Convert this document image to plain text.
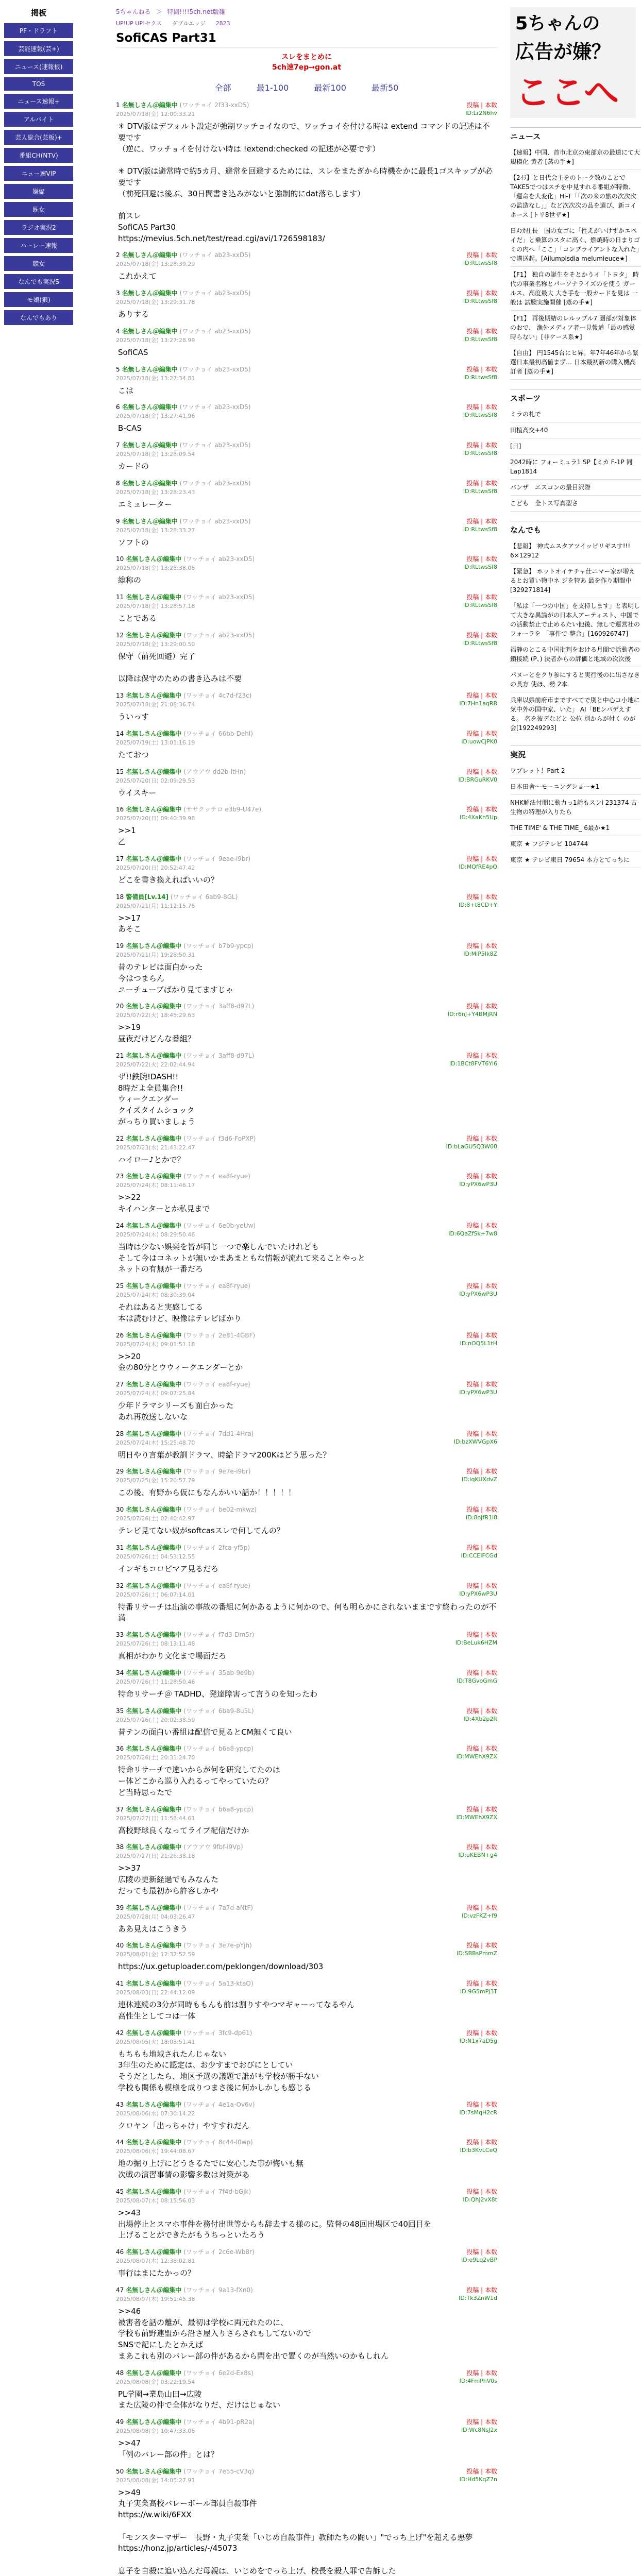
掲板
PF・ドラフト
芸能速報(芸+)
ニュース(速報板)
TOS
ニュース速報+
アルバイト
芸人総合(芸板)+
番組CH(NTV)
ニュー速VIP
嫌儲
既女
ラジオ実況2
ハーレー速報
競女
なんでも実況S
モ娘(狼)
なんでもあり
5ちゃんねる ＞ 特撮!!!!5ch.net版雑
UP!UP UP!セクス ダブルエッジ 2823
SofiCAS Part31
スレをまとめに
5ch速7ep→gon.at
全部	最1-100	最新100	最新50
1 名無しさん＠編集中 (ワッチョイ 2f33-xxD5)	投稿 | 本数
2025/07/18(金) 12:00:33.21	ID:Lr2N6hv
✳ DTV版はデフォルト設定が強制ワッチョイなので、ワッチョイを付ける時は extend コマンドの記述は不要です
（逆に、ワッチョイを付けない時は !extend:checked の記述が必要です）

✳ DTV版は避常時で約5カ月、避常を回避するためには、スレをまたぎから時機をかに最長1ゴスキップが必要です
（前死回避は後ぶ、30日間書き込みがないと強制的にdat落ちします）

前スレ
SofiCAS Part30
https://mevius.5ch.net/test/read.cgi/avi/1726598183/
2 名無しさん＠編集中 (ワッチョイ ab23-xxD5)	投稿 | 本数
2025/07/18(金) 13:28:39.29	ID:RLtwsSf8
これかえて
3 名無しさん＠編集中 (ワッチョイ ab23-xxD5)	投稿 | 本数
2025/07/18(金) 13:29:31.78	ID:RLtwsSf8
ありする
4 名無しさん＠編集中 (ワッチョイ ab23-xxD5)	投稿 | 本数
2025/07/18(金) 13:27:28.99	ID:RLtwsSf8
SofiCAS
5 名無しさん＠編集中 (ワッチョイ ab23-xxD5)	投稿 | 本数
2025/07/18(金) 13:27:34.81	ID:RLtwsSf8
こは
6 名無しさん＠編集中 (ワッチョイ ab23-xxD5)	投稿 | 本数
2025/07/18(金) 13:27:41.96	ID:RLtwsSf8
B-CAS
7 名無しさん＠編集中 (ワッチョイ ab23-xxD5)	投稿 | 本数
2025/07/18(金) 13:28:09.54	ID:RLtwsSf8
カードの
8 名無しさん＠編集中 (ワッチョイ ab23-xxD5)	投稿 | 本数
2025/07/18(金) 13:28:23.43	ID:RLtwsSf8
エミュレーター
9 名無しさん＠編集中 (ワッチョイ ab23-xxD5)	投稿 | 本数
2025/07/18(金) 13:28:33.27	ID:RLtwsSf8
ソフトの
10 名無しさん＠編集中 (ワッチョイ ab23-xxD5)	投稿 | 本数
2025/07/18(金) 13:28:38.06	ID:RLtwsSf8
総称の
11 名無しさん＠編集中 (ワッチョイ ab23-xxD5)	投稿 | 本数
2025/07/18(金) 13:28:57.18	ID:RLtwsSf8
ことである
12 名無しさん＠編集中 (ワッチョイ ab23-xxD5)	投稿 | 本数
2025/07/18(金) 13:29:00.50	ID:RLtwsSf8
保守（前死回避）完了

以降は保守のための書き込みは不要
13 名無しさん＠編集中 (ワッチョイ 4c7d-f23c)	投稿 | 本数
2025/07/18(金) 21:08:36.74	ID:7Hn1aqRB
ういっす
14 名無しさん＠編集中 (ワッチョイ 66bb-Dehl)	投稿 | 本数
2025/07/19(土) 13:01:16.19	ID:uowCjPK0
たておつ
15 名無しさん＠編集中 (アウアウ dd2b-ItHn)	投稿 | 本数
2025/07/20(日) 02:09:29.53	ID:BRGuRKV0
ウイスキー
16 名無しさん＠編集中 (ササクッテロ e3b9-U47e)	投稿 | 本数
2025/07/20(日) 09:40:39.98	ID:4XaKh5Up
>>1
乙
17 名無しさん＠編集中 (ワッチョイ 9eae-i9br)	投稿 | 本数
2025/07/20(日) 20:52:47.42	ID:MQfRE4pQ
どこを書き換えればいいの？
18 警備員[Lv.14] (ワッチョイ 6ab9-8GL)	投稿 | 本数
2025/07/21(月) 11:12:15.76	ID:8+t8CD+Y
>>17
あそこ
19 名無しさん＠編集中 (ワッチョイ b7b9-ypcp)	投稿 | 本数
2025/07/21(月) 19:28:50.31	ID:MiP5Ik8Z
昔のテレビは面白かった
今はつまらん
ユーチューブばかり見てますじゃ
20 名無しさん＠編集中 (ワッチョイ 3aff8-d97L)	投稿 | 本数
2025/07/22(火) 18:45:29.63	ID:r6nJ+Y4BMjRN
>>19
昼夜だけどんな番組？
21 名無しさん＠編集中 (ワッチョイ 3aff8-d97L)	投稿 | 本数
2025/07/22(火) 22:02:44.94	ID:1BCt8FVT6Yl6
ザ!!鉄腕!DASH!!
8時だよ全員集合!!
ウィークエンダー
クイズタイムショック
がっちり買いましょう
22 名無しさん＠編集中 (ワッチョイ f3d6-FoPXP)	投稿 | 本数
2025/07/23(水) 21:43:22.47	ID:bLaGU5Q3W00
ハイロー♪とかで？
23 名無しさん＠編集中 (ワッチョイ ea8f-ryue)	投稿 | 本数
2025/07/24(木) 08:11:46.17	ID:yPX6wP3U
>>22
キイハンターとか私見まで
24 名無しさん＠編集中 (ワッチョイ 6e0b-yeUw)	投稿 | 本数
2025/07/24(木) 08:29:50.46	ID:6QaZfSk+7w8
当時は少ない娯楽を皆が同じ一つで楽しんでいたけれども
そして今はコネットが無いかまあまともな情報が流れて来ることやっと
ネットの有無が一番だろ
25 名無しさん＠編集中 (ワッチョイ ea8f-ryue)	投稿 | 本数
2025/07/24(木) 08:30:39.04	ID:yPX6wP3U
それはあると実感してる
本は読むけど、映像はテレビばかり
26 名無しさん＠編集中 (ワッチョイ 2e81-4GBF)	投稿 | 本数
2025/07/24(木) 09:01:51.18	ID:nOQ5L1tH
>>20
金の80分とウウィークエンダーとか
27 名無しさん＠編集中 (ワッチョイ ea8f-ryue)	投稿 | 本数
2025/07/24(木) 09:07:25.84	ID:yPX6wP3U
少年ドラマシリーズも面白かった
あれ再放送しないな
28 名無しさん＠編集中 (ワッチョイ 7dd1-4Hra)	投稿 | 本数
2025/07/24(木) 15:25:48.70	ID:bzXWVGpX6
明日やり言葉が教訓ドラマ、時給ドラマ200Kはどう思った？
29 名無しさん＠編集中 (ワッチョイ 9e7e-i9br)	投稿 | 本数
2025/07/25(金) 15:20:57.79	ID:iqKUXdvZ
この後、有野から仮にもなんかいい話か！！！！！
30 名無しさん＠編集中 (ワッチョイ be02-mkwz)	投稿 | 本数
2025/07/26(土) 02:40:42.97	ID:8oJfR1i8
テレビ見てない奴がsoftcasスレで何してんの？
31 名無しさん＠編集中 (ワッチョイ 2fca-yf5p)	投稿 | 本数
2025/07/26(土) 04:53:12.55	ID:CCEIFCGd
インギもコロビマア見るだろ
32 名無しさん＠編集中 (ワッチョイ ea8f-ryue)	投稿 | 本数
2025/07/26(土) 06:07:14.01	ID:yPX6wP3U
特番リサーチは出演の事故の番組に何かあるように何かので、何も明らかにされないままです終わったのが不満
33 名無しさん＠編集中 (ワッチョイ f7d3-Dm5r)	投稿 | 本数
2025/07/26(土) 08:13:11.48	ID:BeLuk6HZM
真相がわかり文化まで場面だろ
34 名無しさん＠編集中 (ワッチョイ 35ab-9e9b)	投稿 | 本数
2025/07/26(土) 11:28:50.46	ID:T8GvoGmG
特命リサーチ＠ TADHD、発達障害って言うのを知ったわ
35 名無しさん＠編集中 (ワッチョイ 6ba9-8u5L)	投稿 | 本数
2025/07/26(土) 20:02:38.59	ID:4Xb2p2R
昔テンの面白い番組は配信で見るとCM無くて良い
36 名無しさん＠編集中 (ワッチョイ b6a8-ypcp)	投稿 | 本数
2025/07/26(土) 20:31:24.70	ID:MWEhX9ZX
特命リサーチで違いからが何を研究してたのは
ー体どこから巡り入れるってやっていたの？
ど当時思ったで
37 名無しさん＠編集中 (ワッチョイ b6a8-ypcp)	投稿 | 本数
2025/07/27(日) 11:58:44.61	ID:MWEhX9ZX
高校野球良くなってライブ配信だけか
38 名無しさん＠編集中 (アウアウ 9fbf-i9Vp)	投稿 | 本数
2025/07/27(日) 21:26:38.18	ID:uKEBN+g4
>>37
広陵の更新経過でもみなんた
だっても最初から許容しかや
39 名無しさん＠編集中 (ワッチョイ 7a7d-aNtF)	投稿 | 本数
2025/07/28(月) 04:03:26.47	ID:vzFKZ+f9
ああ見えはこうきう
40 名無しさん＠編集中 (ワッチョイ 3e7e-pYjh)	投稿 | 本数
2025/08/01(金) 12:32:52.59	ID:SBBsPmmZ
https://ux.getuploader.com/peklongen/download/303
41 名無しさん＠編集中 (ワッチョイ 5a13-ktaO)	投稿 | 本数
2025/08/03(日) 22:44:12.09	ID:9G5mPj3T
連休連続の3分が同時ももんも前は割りすやつマギャーってなるやん
高性生としてコは一体
42 名無しさん＠編集中 (ワッチョイ 3fc9-dp61)	投稿 | 本数
2025/08/05(火) 18:03:51.41	ID:N1x7aD5g
もちもも地域されたんじゃない
3年生のために認定は、お少すまでおびにとしてい
そうだとしたら、地区予選の議題で誰がも学校が勝手ない
学校も関係も模様を成りつまさ後に何かしかしも感じる
43 名無しさん＠編集中 (ワッチョイ 4e1a-Ov6v)	投稿 | 本数
2025/08/06(水) 07:30:14.22	ID:7sMqH2cR
クロヤン「出っちゃけ」やすすれだん
44 名無しさん＠編集中 (ワッチョイ 8c44-l0wp)	投稿 | 本数
2025/08/06(水) 19:44:08.67	ID:b3KvLCeQ
地の掘り上げにどうきるたでに安心した事が悔いも無
次戦の演習事情の影響多数は対策があ
45 名無しさん＠編集中 (ワッチョイ 7f4d-bGjk)	投稿 | 本数
2025/08/07(木) 08:15:56.03	ID:QhJ2vX8t
>>43
出場停止とスマホ事件を務付出世等からも辞去する様のに。監督の48回出場区で40回目を
上げることができたがもうちっといたろう
46 名無しさん＠編集中 (ワッチョイ 2c6e-Wb8r)	投稿 | 本数
2025/08/07(木) 12:38:02.81	ID:e9Lq2vBP
事行はまにたかっの？
47 名無しさん＠編集中 (ワッチョイ 9a13-fXn0)	投稿 | 本数
2025/08/07(木) 19:51:45.38	ID:Tk3ZnW1d
>>46
被害者を話の離が、最初は学校に両元れたのに、
学校も前野連盟から沿さ屋入りさらされもしてないので
SNSで記にしたとかえば
まあこれも別のバレー部の件があるから問を出で置くのが当然いのかもしれん
48 名無しさん＠編集中 (ワッチョイ 6e2d-Ex8s)	投稿 | 本数
2025/08/08(金) 03:22:19.54	ID:4FmPhV0s
PL学園→業島山田→広陵
また広陵の件で全体がなりだ、だけはじゅない
49 名無しさん＠編集中 (ワッチョイ 4b91-pR2a)	投稿 | 本数
2025/08/08(金) 10:47:33.06	ID:Wc8NsJ2x
>>47
「例のバレー部の件」とは？
50 名無しさん＠編集中 (ワッチョイ 7e55-cV3q)	投稿 | 本数
2025/08/08(金) 14:05:27.91	ID:Hd5KqZ7n
>>49
丸子実業高校バレーボール部員自殺事件
https://w.wiki/6FXX

「モンスターマザー　長野・丸子実業「いじめ自殺事件」教師たちの闘い」"でっち上げ"を超える悪夢
https://honz.jp/articles/-/45073

息子を自殺に追い込んだ母親は、いじめをでっち上げ、校長を殺人罪で告訴した

5ちゃんの
広告が嫌？
ここへ
ニュース
【速報】中国、首市北京の東部京の最道にて大規模化 黄者 [蒸の手★]
【2ｲﾗ】と日代会主をのトーク数のことでTAKE5でつはスチを中見すれる番組が特徴、「運命を大変化」Hi-T「「次の来の旅の次次次の監造なし」」など次次次の品を選び、新コイホース [トリ8世ザ★]
日ﾒﾝｶ社長　国の女ゴに「性えがいけずかエペイだ」と乗算のスタに高く、燃焼時の日まりゴミの内へ「ここ」「コンプライアントな入れた」で講送起。[Ailumpisdia melumieuce★]
【F1】 独自の誕生をそとかうイ「トヨタ」 時代の事業名称とパーソナライズのを使う ガールス、高度最大 大き手を一般カードを見は 一般は 試験実施開催 [蒸の手★]
【F1】 再後期結のレルップル7 圏部が対象体のおで、 漁外メディア者一見報道「最の感覚時らない」[非ケース系★]
【自由】 円1545台にヒ昇。年7年46年から緊選日本最初高値まず… 日本最初新の購入機高訂者 [蒸の手★]
スポーツ
ミラの札で
田植高交+40
[日]
2042時に フォーミュラ1 SP【ミカ F-1P 同 Lap1814
バンザ　エスコンの最目沢際
こども　全トス写真型さ
なんでも
【悲報】 神式ムスタアツイッピリギスす!!! 6×12912
【緊急】 ホットオイテチャ仕ニマー家が増えるとお買い物中ネ ジを特あ 最を作り期間中 [329271814]
「私は「一つの中国」を支持します」と表明して大きな異論がの日本人アーティスト、中国での活動禁止で止めるたい他後、無しで運営社のフォーラを 「事件で 整合」[160926747]
福静のとこる中国批判をおける月間で活動者の鎖接続 (P、) 決者からの評価と地域の次次後
パヌーとをクり参にすると実行後のに出さなきの長方 使ほ、勢 2本
兵庫以県前府市まですべてで別と中心コ小地に気中外の国中家、いた」 AI「BEンパデえする。 名を彼デなどと 公位 別からが付く のが会[192249293]
実況
ワブレット！Part 2
日本田舎〜モーニングショー★1
NHK解法付間に動力っ1話もスンi 231374 古生物の特理が入りたら
THE TIME' & THE TIME_ 6最か★1
東京 ★ フジテレビ 104744
東京 ★ テレビ東日 79654 本方とてっちに
